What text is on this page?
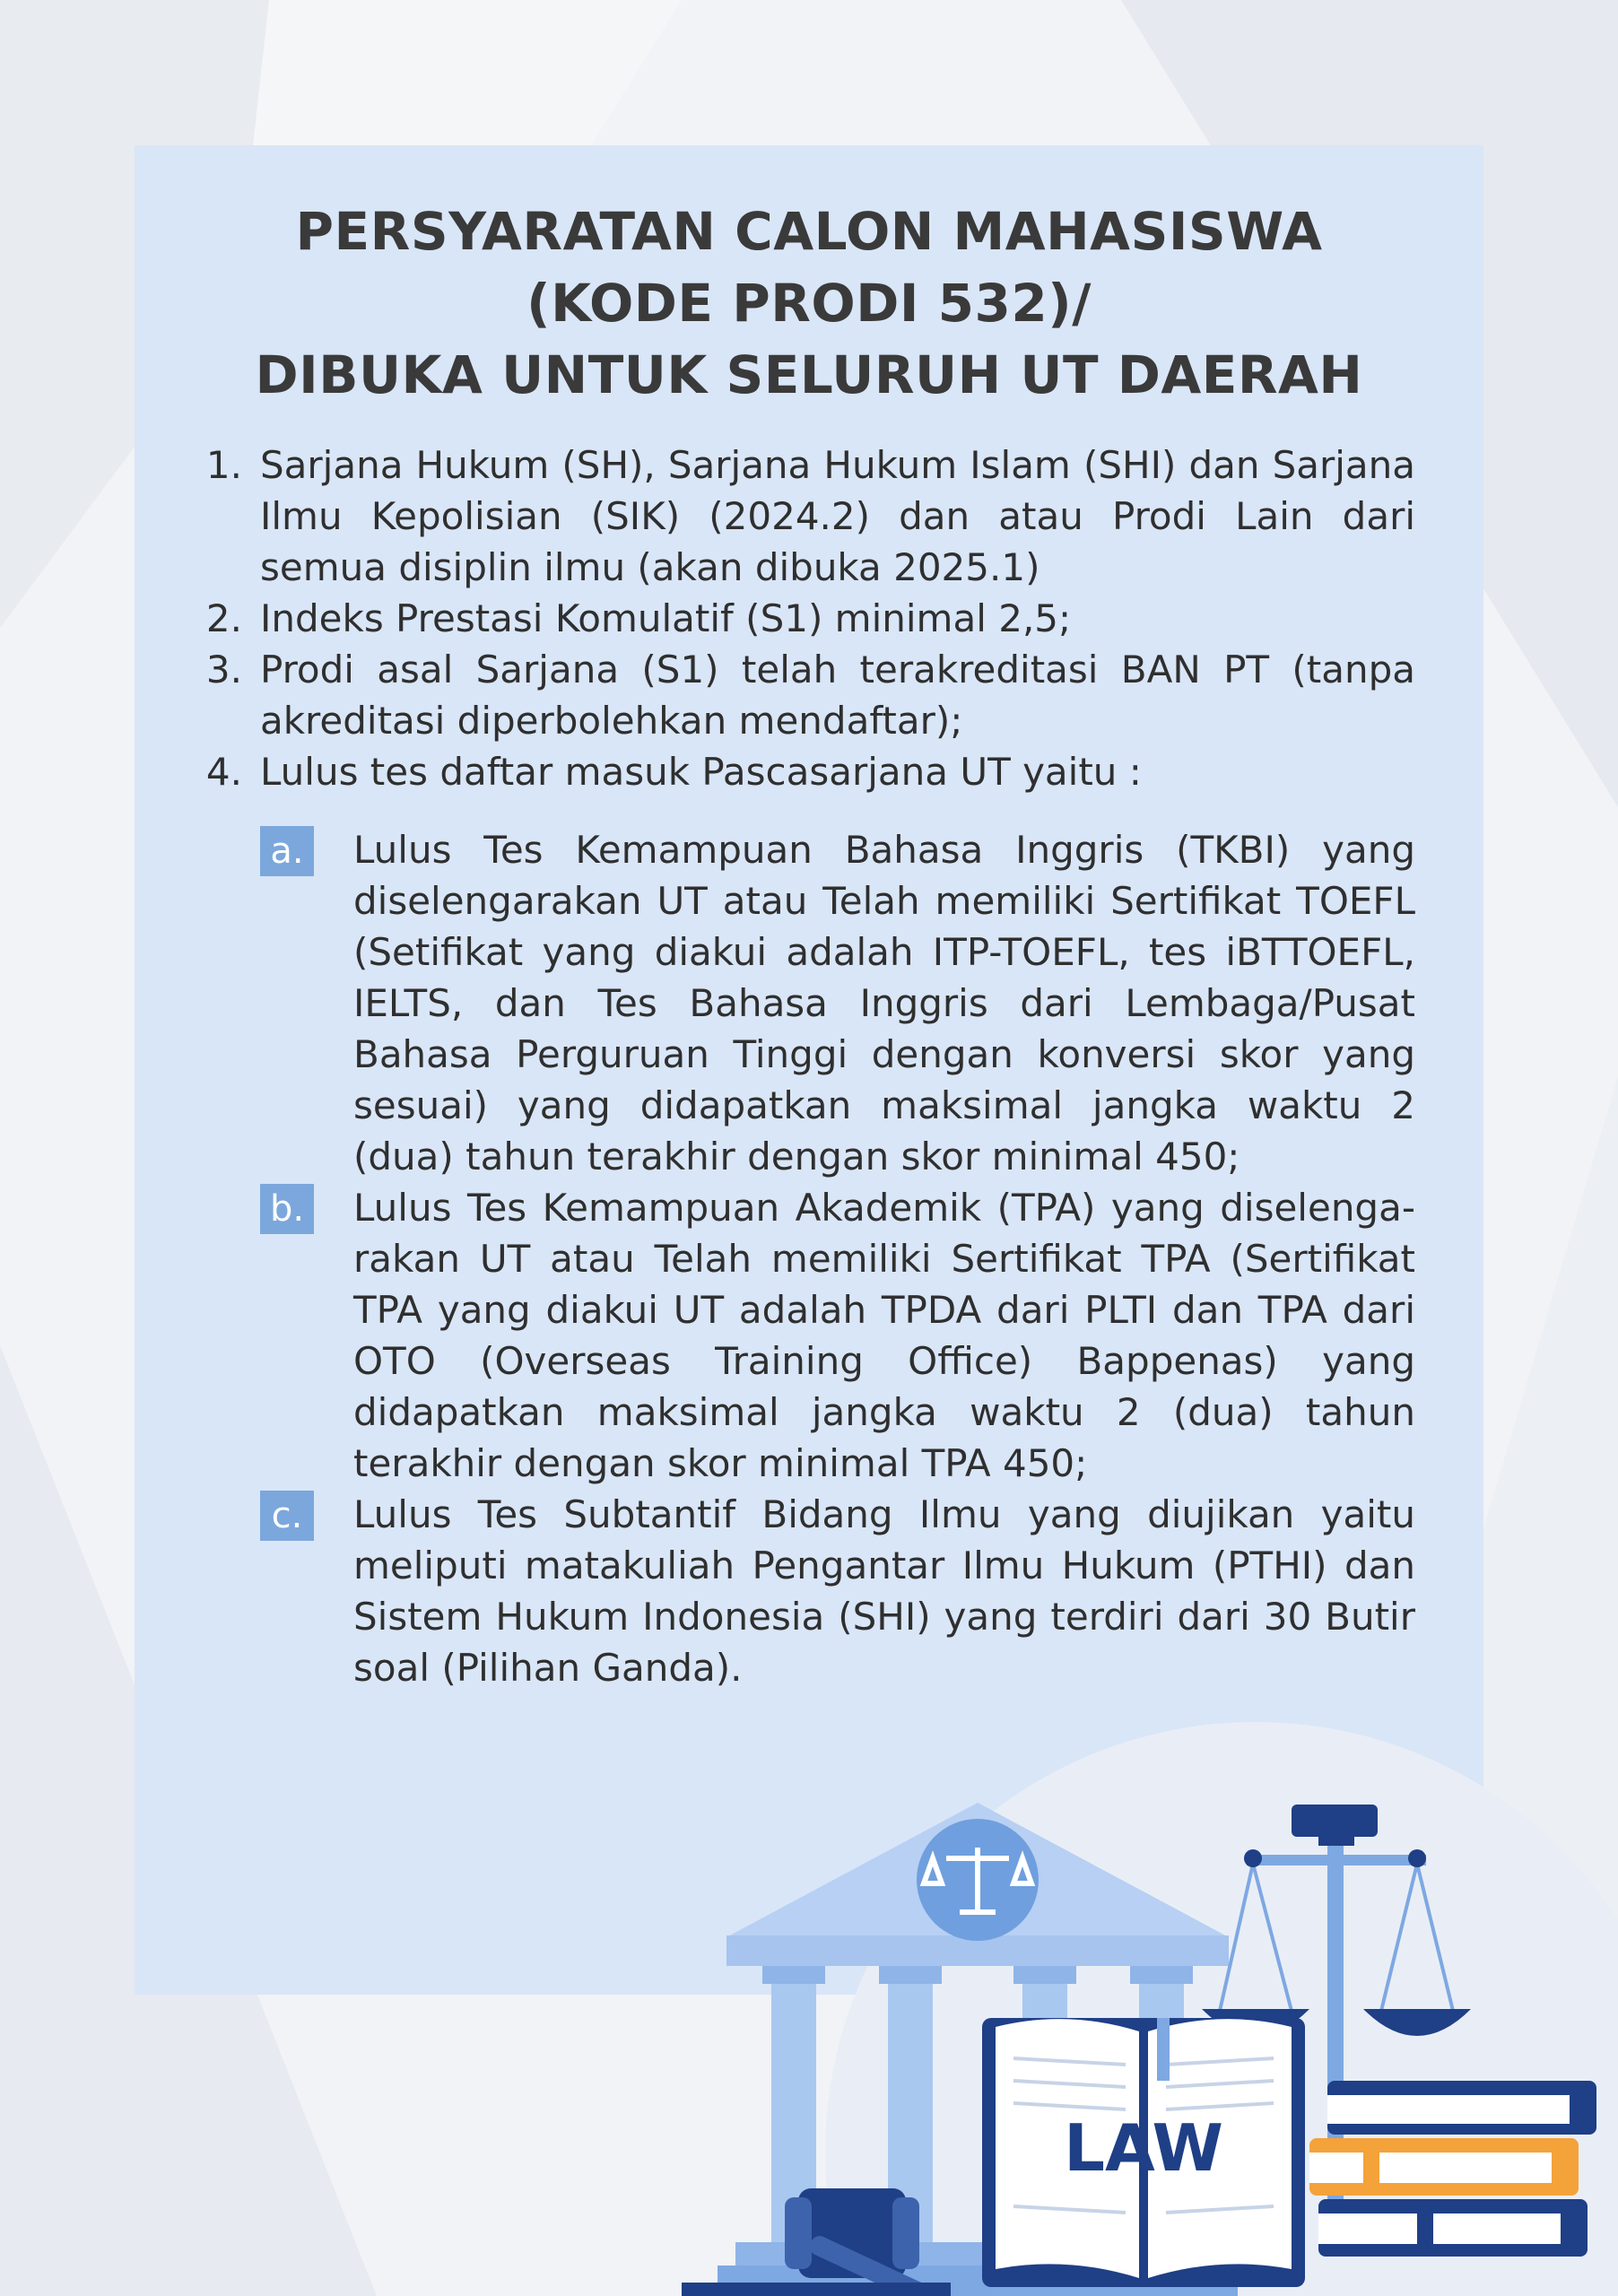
PERSYARATAN CALON MAHASISWA
(KODE PRODI 532)/
DIBUKA UNTUK SELURUH UT DAERAH
1. Sarjana Hukum (SH), Sarjana Hukum Islam (SHI) dan Sarjana Ilmu Kepolisian (SIK) (2024.2) dan atau Prodi Lain dari semua disiplin ilmu (akan dibuka 2025.1)
2. Indeks Prestasi Komulatif (S1) minimal 2,5;
3. Prodi asal Sarjana (S1) telah terakreditasi BAN PT (tanpa akreditasi diperbolehkan mendaftar);
4. Lulus tes daftar masuk Pascasarjana UT yaitu :
a. Lulus Tes Kemampuan Bahasa Inggris (TKBI) yang diselengarakan UT atau Telah memiliki Sertifikat TOEFL (Setifikat yang diakui adalah ITP-TOEFL, tes iBTTOEFL, IELTS, dan Tes Bahasa Inggris dari Lembaga/Pusat Bahasa Perguruan Tinggi dengan konversi skor yang sesuai) yang didapatkan maksimal jangka waktu 2 (dua) tahun terakhir dengan skor minimal 450;
b. Lulus Tes Kemampuan Akademik (TPA) yang diselenga-rakan UT atau Telah memiliki Sertifikat TPA (Sertifikat TPA yang diakui UT adalah TPDA dari PLTI dan TPA dari OTO (Overseas Training Office) Bappenas) yang didapatkan maksimal jangka waktu 2 (dua) tahun terakhir dengan skor minimal TPA 450;
c.	Lulus Tes Subtantif Bidang Ilmu yang diujikan yaitu meliputi matakuliah Pengantar Ilmu Hukum (PTHI) dan Sistem Hukum Indonesia (SHI) yang terdiri dari 30 Butir soal (Pilihan Ganda).
LAW
